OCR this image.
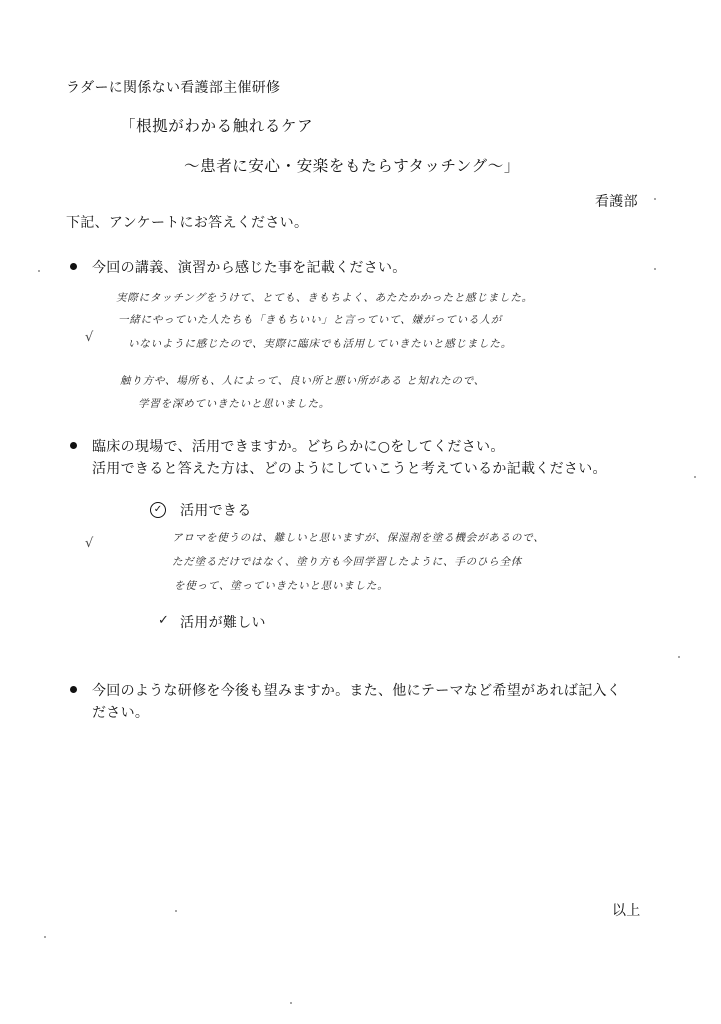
ラダーに関係ない看護部主催研修
「根拠がわかる触れるケア
～患者に安心・安楽をもたらすタッチング～」
看護部
下記、アンケートにお答えください。
今回の講義、演習から感じた事を記載ください。
√
実際にタッチングをうけて、とても、きもちよく、あたたかかったと感じました。
一緒にやっていた人たちも「きもちいい」と言っていて、嫌がっている人が
いないように感じたので、実際に臨床でも活用していきたいと感じました。
触り方や、場所も、人によって、良い所と悪い所がある と知れたので、
学習を深めていきたいと思いました。
臨床の現場で、活用できますか。どちらかに○をしてください。
活用できると答えた方は、どのようにしていこうと考えているか記載ください。
✓ 活用できる
√	アロマを使うのは、難しいと思いますが、保湿剤を塗る機会があるので、
ただ塗るだけではなく、塗り方も今回学習したように、手のひら全体
を使って、塗っていきたいと思いました。
✓ 活用が難しい
今回のような研修を今後も望みますか。また、他にテーマなど希望があれば記入く
ださい。
以上
